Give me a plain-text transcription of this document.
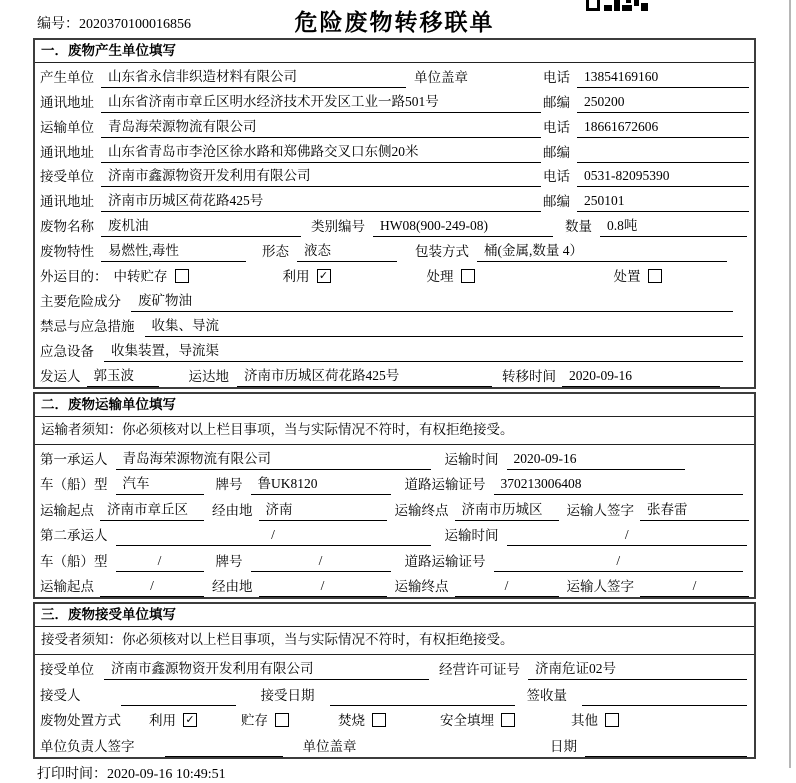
编号：2020370100016856	危险废物转移联单
一．废物产生单位填写
产生单位	山东省永信非织造材料有限公司	单位盖章	电话	13854169160
通讯地址	山东省济南市章丘区明水经济技术开发区工业一路501号	邮编	250200
运输单位	青岛海荣源物流有限公司	电话	18661672606
通讯地址	山东省青岛市李沧区徐水路和郑佛路交叉口东侧20米	邮编
接受单位	济南市鑫源物资开发利用有限公司	电话	0531-82095390
通讯地址	济南市历城区荷花路425号	邮编	250101
废物名称	废机油	类别编号	HW08(900-249-08)	数量	0.8吨
废物特性	易燃性,毒性	形态	液态	包装方式	桶(金属,数量 4）
外运目的： 中转贮存	利用 ✓	处理	处置
主要危险成分	废矿物油
禁忌与应急措施	收集、导流
应急设备	收集装置，导流渠
发运人 郭玉波	运达地	济南市历城区荷花路425号	转移时间 2020-09-16
二．废物运输单位填写
运输者须知：你必须核对以上栏目事项，当与实际情况不符时，有权拒绝接受。
第一承运人	青岛海荣源物流有限公司	运输时间	2020-09-16
车（船）型	汽车	牌号	鲁UK8120	道路运输证号	370213006408
运输起点 济南市章丘区	经由地 济南	运输终点 济南市历城区	运输人签字 张春雷
第二承运人	/	运输时间	/
车（船）型	/	牌号	/	道路运输证号	/
运输起点	/	经由地	/	运输终点	/	运输人签字	/
三．废物接受单位填写
接受者须知：你必须核对以上栏目事项，当与实际情况不符时，有权拒绝接受。
接受单位	济南市鑫源物资开发利用有限公司	经营许可证号	济南危证02号
接受人	接受日期	签收量
废物处置方式 利用 ✓	贮存	焚烧	安全填埋	其他
单位负责人签字	单位盖章	日期
打印时间：2020-09-16 10:49:51
